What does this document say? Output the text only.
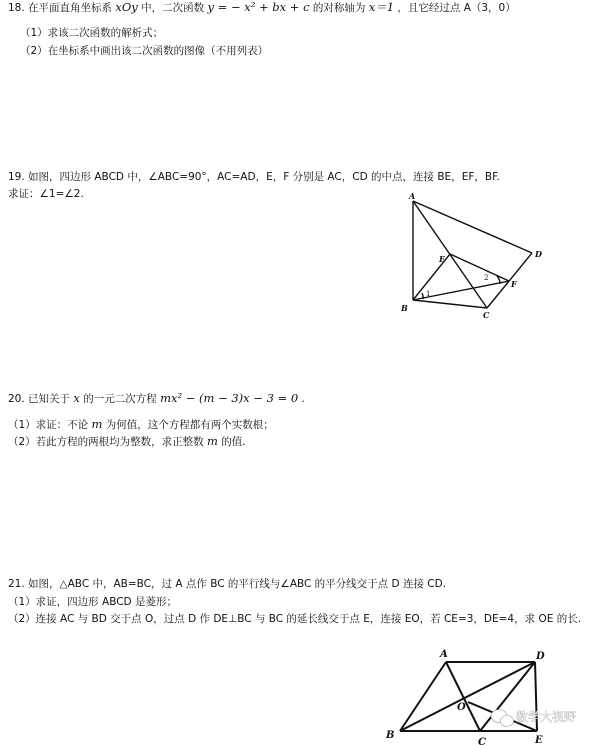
18. 在平面直角坐标系 xOy 中，二次函数 y = − x² + bx + c 的对称轴为 x＝1 ，且它经过点 A（3，0）
（1）求该二次函数的解析式；
（2）在坐标系中画出该二次函数的图像（不用列表）
19. 如图，四边形 ABCD 中，∠ABC=90°，AC=AD，E，F 分别是 AC，CD 的中点，连接 BE，EF，BF.
求证：∠1=∠2.	A
B
C
D
E
F
1
2
20. 已知关于 x 的一元二次方程 mx² − (m − 3)x − 3 = 0 .
（1）求证：不论 m 为何值，这个方程都有两个实数根；
（2）若此方程的两根均为整数，求正整数 m 的值.
21. 如图，△ABC 中，AB=BC，过 A 点作 BC 的平行线与∠ABC 的平分线交于点 D 连接 CD.
（1）求证，四边形 ABCD 是菱形；
（2）连接 AC 与 BD 交于点 O，过点 D 作 DE⊥BC 与 BC 的延长线交于点 E，连接 EO，若 CE=3，DE=4，求 OE 的长.
A
B
C
D
E
O
数学大视野
